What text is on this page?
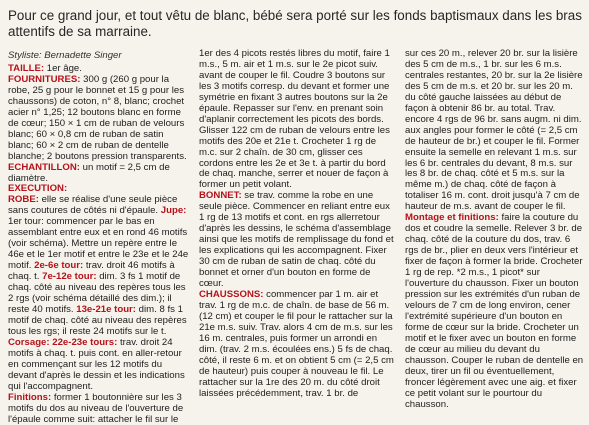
Pour ce grand jour, et tout vêtu de blanc, bébé sera porté sur les fonds baptismaux dans les bras attentifs de sa marraine.
Styliste: Bernadette Singer

TAILLE: 1er âge.

FOURNITURES: 300 g (260 g pour la robe, 25 g pour le bonnet et 15 g pour les chaussons) de coton, n° 8, blanc; crochet acier n° 1,25; 12 boutons blanc en forme de cœur; 150 × 1 cm de ruban de velours blanc; 60 × 0,8 cm de ruban de satin blanc; 60 × 2 cm de ruban de dentelle blanche; 2 boutons pression transparents.

ECHANTILLON: un motif = 2,5 cm de diamètre.

EXECUTION:

ROBE: elle se réalise d'une seule pièce sans coutures de côtés ni d'épaule. Jupe: 1er tour: commencer par le bas en assemblant entre eux et en rond 46 motifs (voir schéma). Mettre un repère entre le 46e et le 1er motif et entre le 23e et le 24e motif. 2e-6e tour: trav. droit 46 motifs à chaq. t. 7e-12e tour: dim. 3 fs 1 motif de chaq. côté au niveau des repères tous les 2 rgs (voir schéma détaillé des dim.); il reste 40 motifs. 13e-21e tour: dim. 8 fs 1 motif de chaq. côté au niveau des repères tous les rgs; il reste 24 motifs sur le t. Corsage: 22e-23e tours: trav. droit 24 motifs à chaq. t. puis cont. en aller-retour en commençant sur les 12 motifs du devant d'après le dessin et les indications qui l'accompagnent.

Finitions: former 1 boutonnière sur les 3 motifs du dos au niveau de l'ouverture de l'épaule comme suit: attacher le fil sur le

1er des 4 picots restés libres du motif, faire 1 m.s., 5 m. air et 1 m.s. sur le 2e picot suiv. avant de couper le fil. Coudre 3 boutons sur les 3 motifs corresp. du devant et former une symétrie en fixant 3 autres boutons sur la 2e épaule. Repasser sur l'env. en prenant soin d'aplanir correctement les picots des bords. Glisser 122 cm de ruban de velours entre les motifs des 20e et 21e t. Crocheter 1 rg de m.c. sur 2 chaîn. de 30 cm, glisser ces cordons entre les 2e et 3e t. à partir du bord de chaq. manche, serrer et nouer de façon à former un petit volant.

BONNET: se trav. comme la robe en une seule pièce. Commencer en reliant entre eux 1 rg de 13 motifs et cont. en rgs allerretour d'après les dessins, le schéma d'assemblage ainsi que les motifs de remplissage du fond et les explications qui les accompagnent. Fixer 30 cm de ruban de satin de chaq. côté du bonnet et orner d'un bouton en forme de cœur.

CHAUSSONS: commencer par 1 m. air et trav. 1 rg de m.c. de chaîn. de base de 56 m. (12 cm) et couper le fil pour le rattacher sur la 21e m.s. suiv. Trav. alors 4 cm de m.s. sur les 16 m. centrales, puis former un arrondi en dim. (trav. 2 m.s. écoulées ens.) 5 fs de chaq. côté, il reste 6 m. et on obtient 5 cm (= 2,5 cm de hauteur) puis couper à nouveau le fil. Le rattacher sur la 1re des 20 m. du côté droit laissées précédemment, trav. 1 br. de

sur ces 20 m., relever 20 br. sur la lisière des 5 cm de m.s., 1 br. sur les 6 m.s. centrales restantes, 20 br. sur la 2e lisière des 5 cm de m.s. et 20 br. sur les 20 m. du côté gauche laissées au début de façon à obtenir 86 br. au total. Trav. encore 4 rgs de 96 br. sans augm. ni dim. aux angles pour former le côté (= 2,5 cm de hauteur de br.) et couper le fil. Former ensuite la semelle en relevant 1 m.s. sur les 6 br. centrales du devant, 8 m.s. sur les 8 br. de chaq. côté et 5 m.s. sur la même m.) de chaq. côté de façon à totaliser 16 m. cont. droit jusqu'à 7 cm de hauteur de m.s. avant de couper le fil.

Montage et finitions: faire la couture du dos et coudre la semelle. Relever 3 br. de chaq. côté de la couture du dos, trav. 6 rgs de br., plier en deux vers l'intérieur et fixer de façon à former la bride. Crocheter 1 rg de rep. *2 m.s., 1 picot* sur l'ouverture du chausson. Fixer un bouton pression sur les extrémités d'un ruban de velours de 7 cm de long environ, cener l'extrémité supérieure d'un bouton en forme de cœur sur la bride. Crocheter un motif et le fixer avec un bouton en forme de cœur au milieu du devant du chausson. Couper le ruban de dentelle en deux, tirer un fil ou éventuellement, froncer légèrement avec une aig. et fixer ce petit volant sur le pourtour du chausson.
